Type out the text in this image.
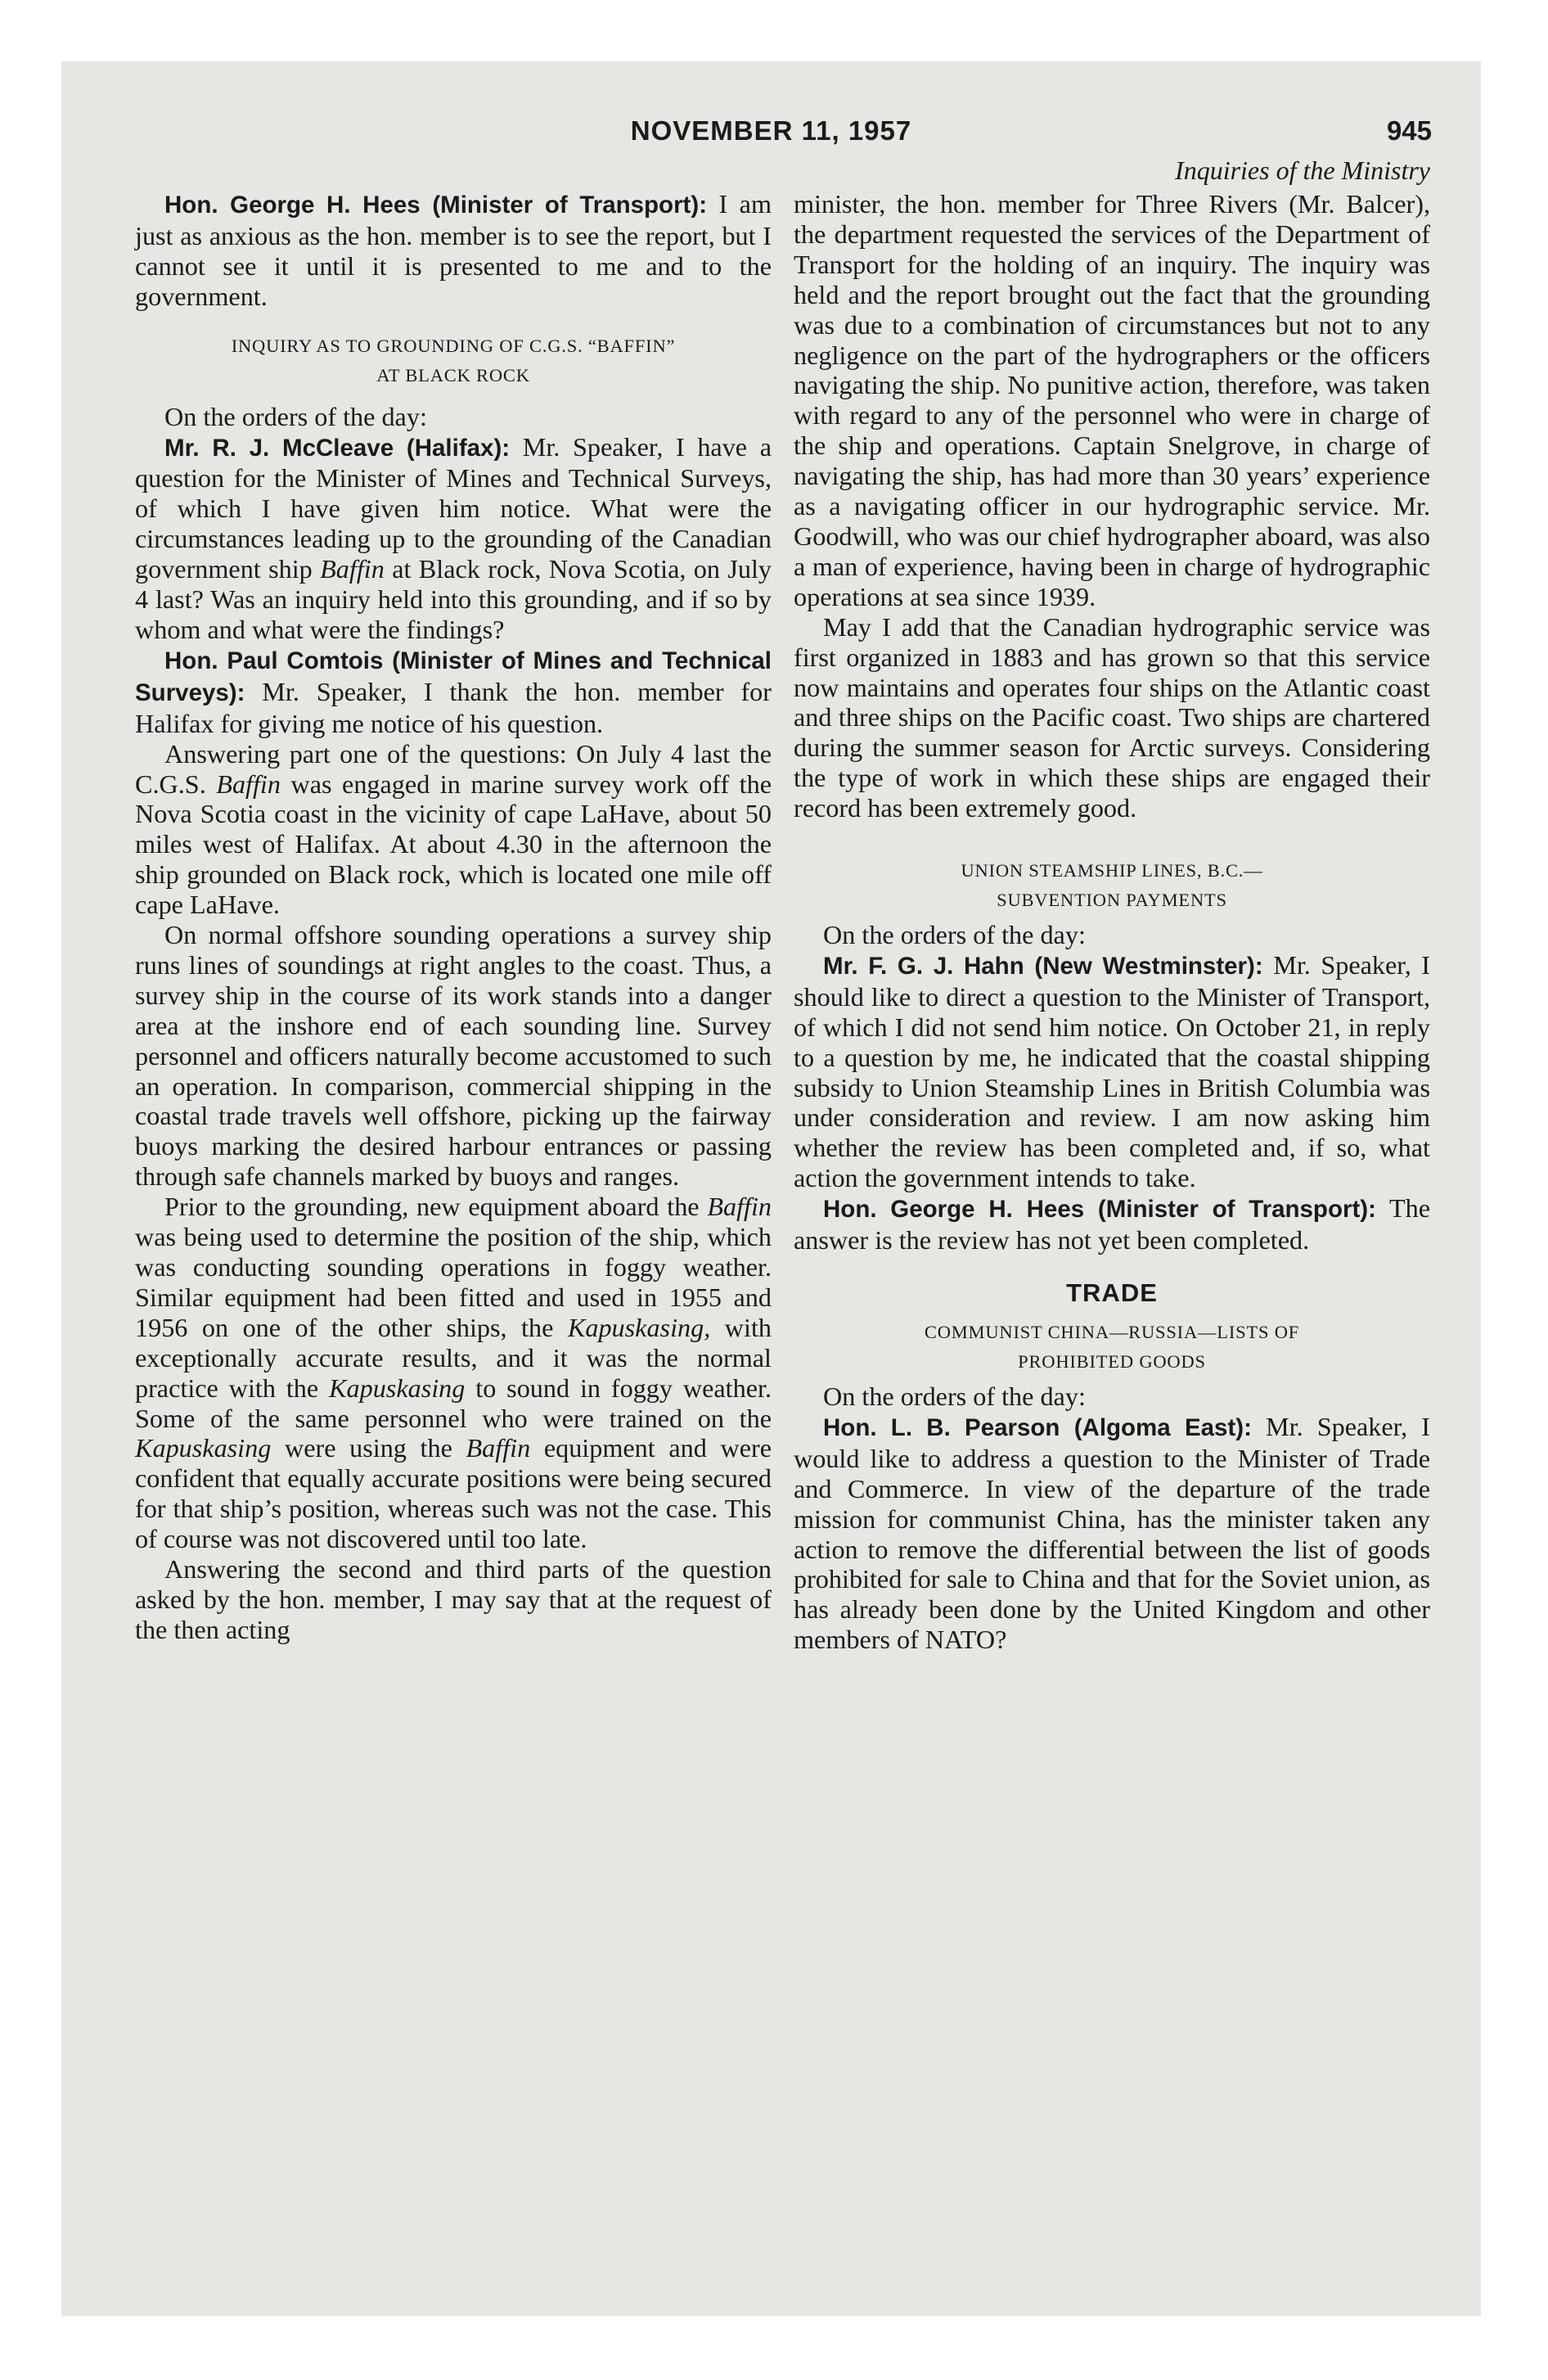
NOVEMBER 11, 1957	945

Hon. George H. Hees (Minister of Transport): I am just as anxious as the hon. member is to see the report, but I cannot see it until it is presented to me and to the government.

INQUIRY AS TO GROUNDING OF C.G.S. “BAFFIN”
AT BLACK ROCK

On the orders of the day:

Mr. R. J. McCleave (Halifax): Mr. Speaker, I have a question for the Minister of Mines and Technical Surveys, of which I have given him notice. What were the circumstances leading up to the grounding of the Canadian government ship Baffin at Black rock, Nova Scotia, on July 4 last? Was an inquiry held into this grounding, and if so by whom and what were the findings?

Hon. Paul Comtois (Minister of Mines and Technical Surveys): Mr. Speaker, I thank the hon. member for Halifax for giving me notice of his question.

Answering part one of the questions: On July 4 last the C.G.S. Baffin was engaged in marine survey work off the Nova Scotia coast in the vicinity of cape LaHave, about 50 miles west of Halifax. At about 4.30 in the afternoon the ship grounded on Black rock, which is located one mile off cape LaHave.

On normal offshore sounding operations a survey ship runs lines of soundings at right angles to the coast. Thus, a survey ship in the course of its work stands into a danger area at the inshore end of each sounding line. Survey personnel and officers naturally become accustomed to such an operation. In comparison, commercial shipping in the coastal trade travels well offshore, picking up the fairway buoys marking the desired harbour entrances or passing through safe channels marked by buoys and ranges.

Prior to the grounding, new equipment aboard the Baffin was being used to determine the position of the ship, which was conducting sounding operations in foggy weather. Similar equipment had been fitted and used in 1955 and 1956 on one of the other ships, the Kapuskasing, with exceptionally accurate results, and it was the normal practice with the Kapuskasing to sound in foggy weather. Some of the same personnel who were trained on the Kapuskasing were using the Baffin equipment and were confident that equally accurate positions were being secured for that ship’s position, whereas such was not the case. This of course was not discovered until too late.

Answering the second and third parts of the question asked by the hon. member, I may say that at the request of the then acting

Inquiries of the Ministry

minister, the hon. member for Three Rivers (Mr. Balcer), the department requested the services of the Department of Transport for the holding of an inquiry. The inquiry was held and the report brought out the fact that the grounding was due to a combination of circumstances but not to any negligence on the part of the hydrographers or the officers navigating the ship. No punitive action, therefore, was taken with regard to any of the personnel who were in charge of the ship and operations. Captain Snelgrove, in charge of navigating the ship, has had more than 30 years’ experience as a navigating officer in our hydrographic service. Mr. Goodwill, who was our chief hydrographer aboard, was also a man of experience, having been in charge of hydrographic operations at sea since 1939.

May I add that the Canadian hydrographic service was first organized in 1883 and has grown so that this service now maintains and operates four ships on the Atlantic coast and three ships on the Pacific coast. Two ships are chartered during the summer season for Arctic surveys. Considering the type of work in which these ships are engaged their record has been extremely good.

UNION STEAMSHIP LINES, B.C.—
SUBVENTION PAYMENTS

On the orders of the day:

Mr. F. G. J. Hahn (New Westminster): Mr. Speaker, I should like to direct a question to the Minister of Transport, of which I did not send him notice. On October 21, in reply to a question by me, he indicated that the coastal shipping subsidy to Union Steamship Lines in British Columbia was under consideration and review. I am now asking him whether the review has been completed and, if so, what action the government intends to take.

Hon. George H. Hees (Minister of Transport): The answer is the review has not yet been completed.

TRADE
COMMUNIST CHINA—RUSSIA—LISTS OF
PROHIBITED GOODS

On the orders of the day:

Hon. L. B. Pearson (Algoma East): Mr. Speaker, I would like to address a question to the Minister of Trade and Commerce. In view of the departure of the trade mission for communist China, has the minister taken any action to remove the differential between the list of goods prohibited for sale to China and that for the Soviet union, as has already been done by the United Kingdom and other members of NATO?
